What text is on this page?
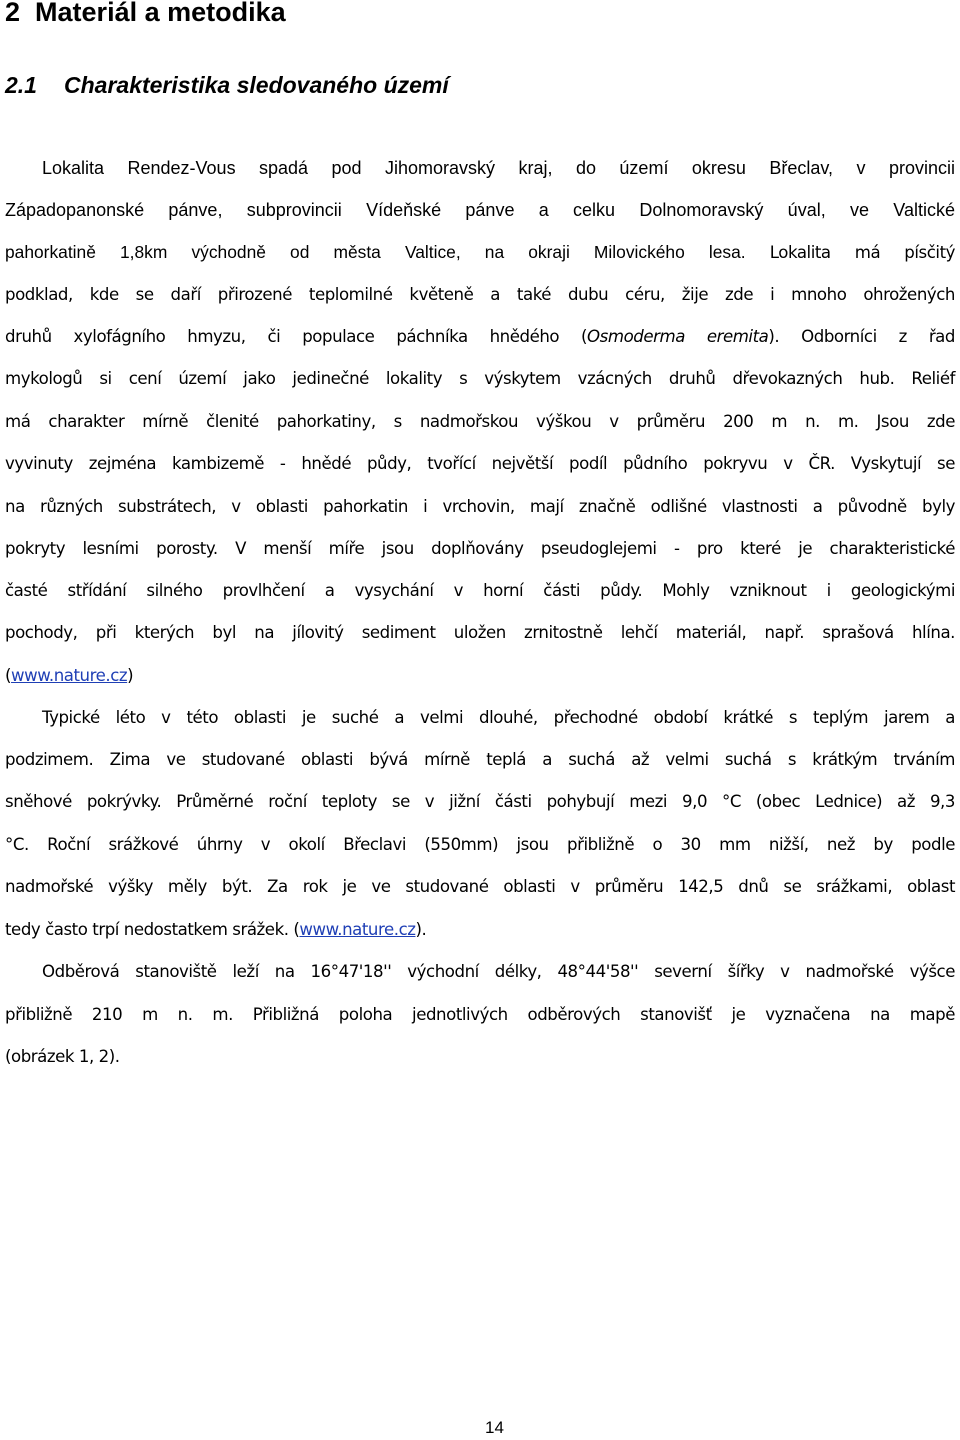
2 Materiál a metodika
2.1 Charakteristika sledovaného území
Lokalita Rendez-Vous spadá pod Jihomoravský kraj, do území okresu Břeclav, v provincii
Západopanonské pánve, subprovincii Vídeňské pánve a celku Dolnomoravský úval, ve Valtické
pahorkatině 1,8km východně od města Valtice, na okraji Milovického lesa. Lokalita má písčitý
podklad, kde se daří přirozené teplomilné květeně a také dubu céru, žije zde i mnoho ohrožených
druhů xylofágního hmyzu, či populace páchníka hnědého (Osmoderma eremita). Odborníci z řad
mykologů si cení území jako jedinečné lokality s výskytem vzácných druhů dřevokazných hub. Reliéf
má charakter mírně členité pahorkatiny, s nadmořskou výškou v průměru 200 m n. m. Jsou zde
vyvinuty zejména kambizemě - hnědé půdy, tvořící největší podíl půdního pokryvu v ČR. Vyskytují se
na různých substrátech, v oblasti pahorkatin i vrchovin, mají značně odlišné vlastnosti a původně byly
pokryty lesními porosty. V menší míře jsou doplňovány pseudoglejemi - pro které je charakteristické
časté střídání silného provlhčení a vysychání v horní části půdy. Mohly vzniknout i geologickými
pochody, při kterých byl na jílovitý sediment uložen zrnitostně lehčí materiál, např. sprašová hlína.
(www.nature.cz)
Typické léto v této oblasti je suché a velmi dlouhé, přechodné období krátké s teplým jarem a
podzimem. Zima ve studované oblasti bývá mírně teplá a suchá až velmi suchá s krátkým trváním
sněhové pokrývky. Průměrné roční teploty se v jižní části pohybují mezi 9,0 °C (obec Lednice) až 9,3
°C. Roční srážkové úhrny v okolí Břeclavi (550mm) jsou přibližně o 30 mm nižší, než by podle
nadmořské výšky měly být. Za rok je ve studované oblasti v průměru 142,5 dnů se srážkami, oblast
tedy často trpí nedostatkem srážek. (www.nature.cz).
Odběrová stanoviště leží na 16°47'18'' východní délky, 48°44'58'' severní šířky v nadmořské výšce
přibližně 210 m n. m. Přibližná poloha jednotlivých odběrových stanovišť je vyznačena na mapě
(obrázek 1, 2).
14
